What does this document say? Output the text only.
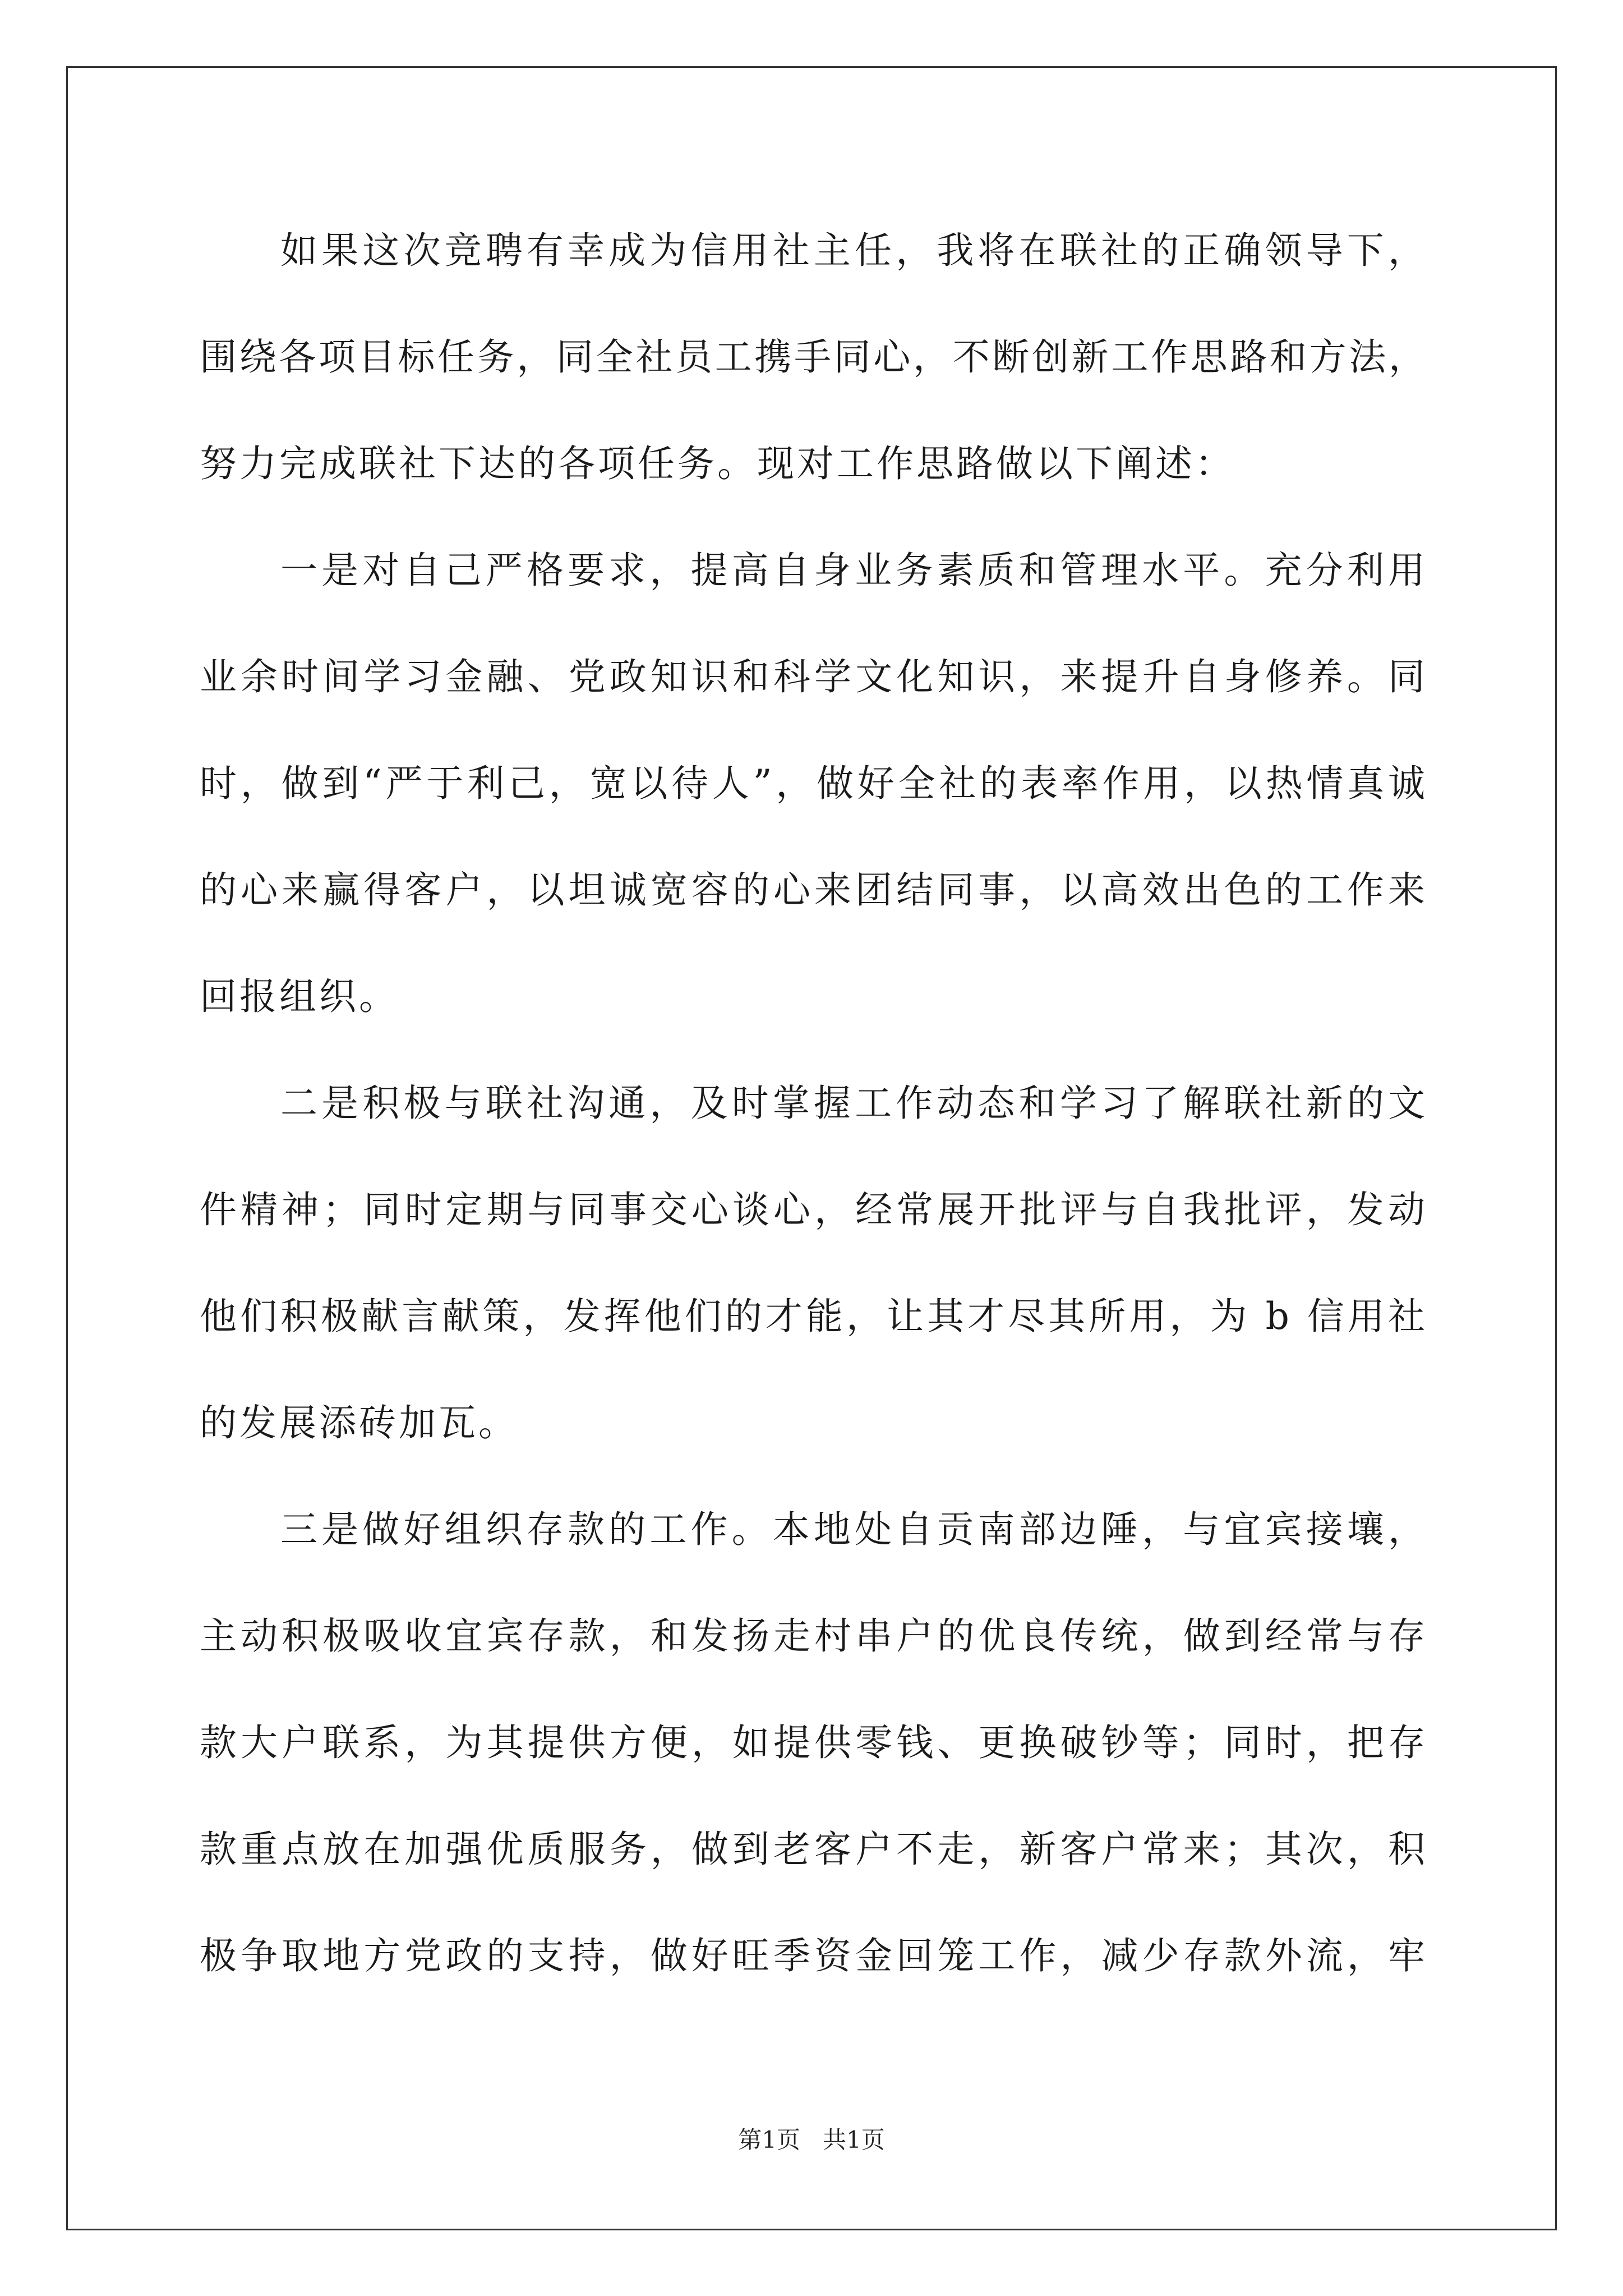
如果这次竞聘有幸成为信用社主任，我将在联社的正确领导下，
围绕各项目标任务，同全社员工携手同心，不断创新工作思路和方法，
努力完成联社下达的各项任务。现对工作思路做以下阐述：
一是对自己严格要求，提高自身业务素质和管理水平。充分利用
业余时间学习金融、党政知识和科学文化知识，来提升自身修养。同
时，做到“严于利己，宽以待人”，做好全社的表率作用，以热情真诚
的心来赢得客户，以坦诚宽容的心来团结同事，以高效出色的工作来
回报组织。
二是积极与联社沟通，及时掌握工作动态和学习了解联社新的文
件精神；同时定期与同事交心谈心，经常展开批评与自我批评，发动
他们积极献言献策，发挥他们的才能，让其才尽其所用，为 b 信用社
的发展添砖加瓦。
三是做好组织存款的工作。本地处自贡南部边陲，与宜宾接壤，
主动积极吸收宜宾存款，和发扬走村串户的优良传统，做到经常与存
款大户联系，为其提供方便，如提供零钱、更换破钞等；同时，把存
款重点放在加强优质服务，做到老客户不走，新客户常来；其次，积
极争取地方党政的支持，做好旺季资金回笼工作，减少存款外流，牢
第1页 共1页
